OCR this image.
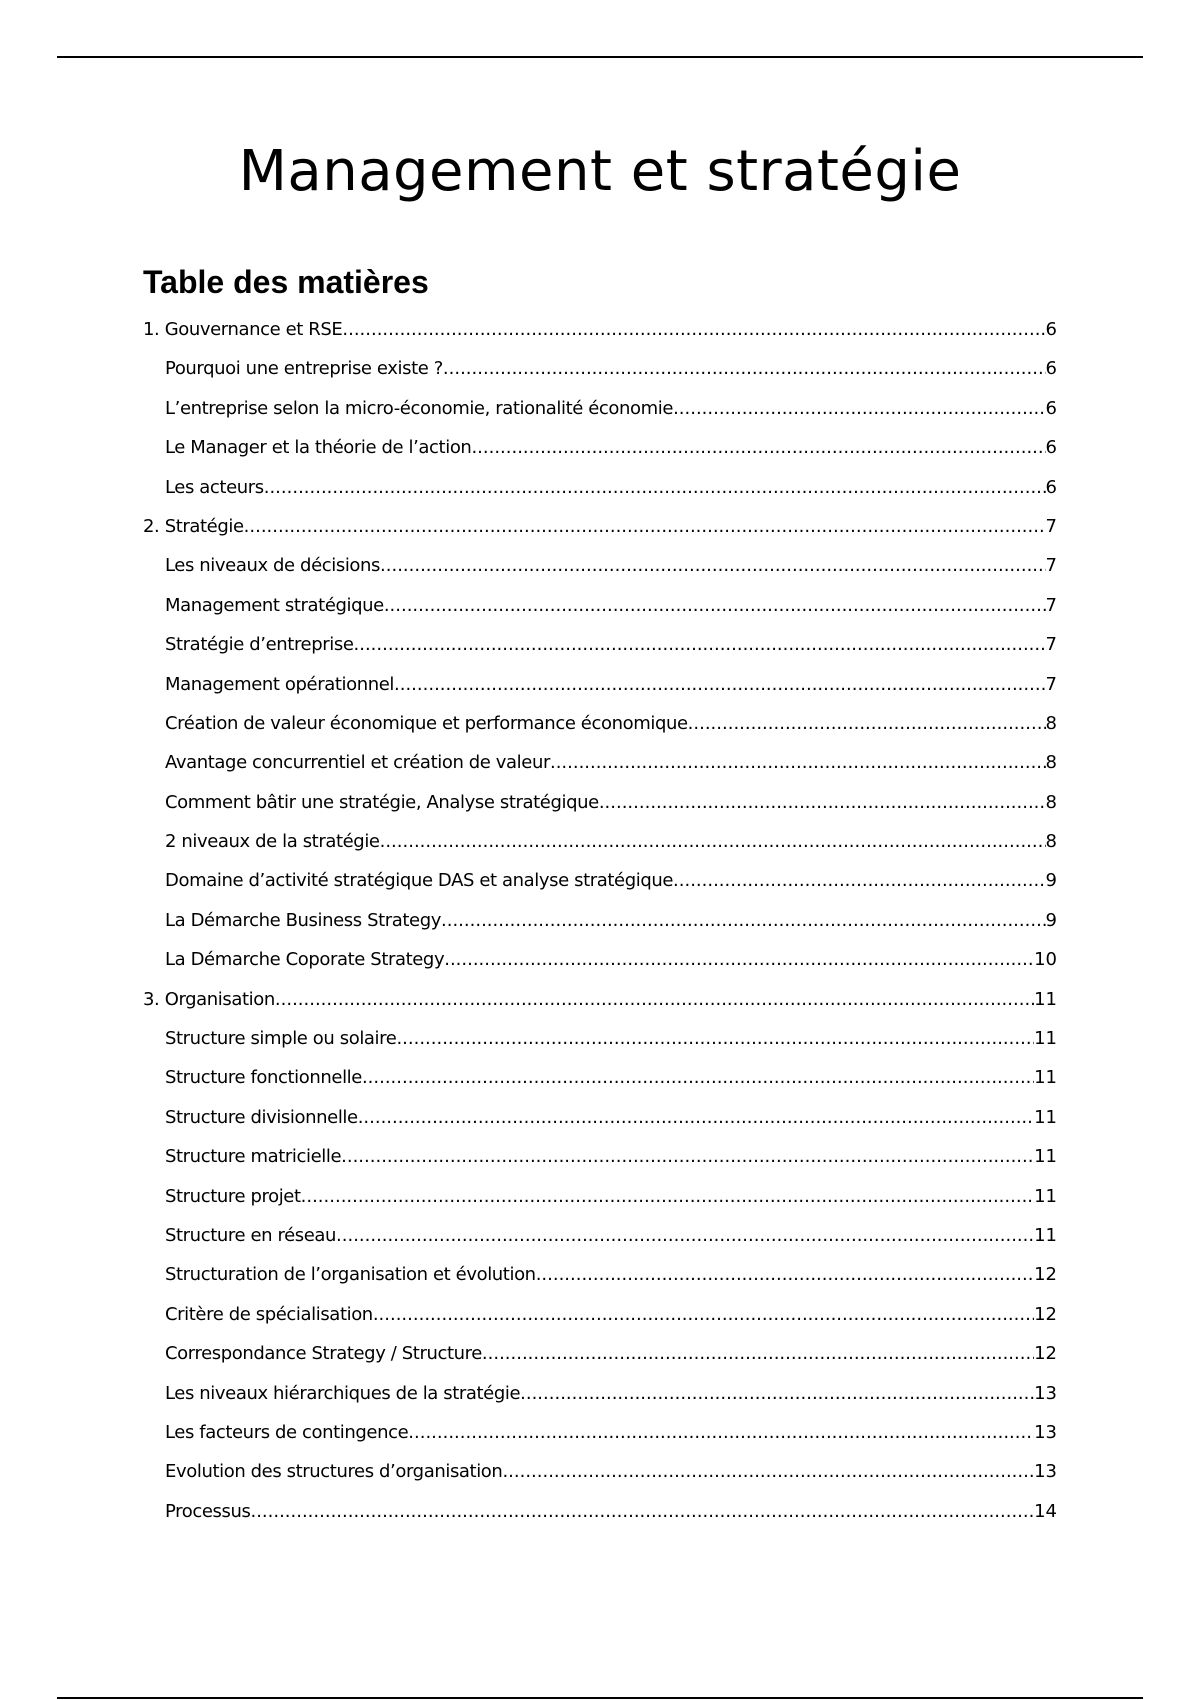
Management et stratégie
Table des matières
1. Gouvernance et RSE .....	6
Pourquoi une entreprise existe ? .....	6
L’entreprise selon la micro-économie, rationalité économie .....	6
Le Manager et la théorie de l’action .....	6
Les acteurs .....	6
2. Stratégie .....	7
Les niveaux de décisions .....	7
Management stratégique .....	7
Stratégie d’entreprise .....	7
Management opérationnel .....	7
Création de valeur économique et performance économique .....	8
Avantage concurrentiel et création de valeur .....	8
Comment bâtir une stratégie, Analyse stratégique .....	8
2 niveaux de la stratégie .....	8
Domaine d’activité stratégique DAS et analyse stratégique .....	9
La Démarche Business Strategy .....	9
La Démarche Coporate Strategy .....	10
3. Organisation .....	11
Structure simple ou solaire .....	11
Structure fonctionnelle .....	11
Structure divisionnelle .....	11
Structure matricielle .....	11
Structure projet .....	11
Structure en réseau .....	11
Structuration de l’organisation et évolution .....	12
Critère de spécialisation .....	12
Correspondance Strategy / Structure .....	12
Les niveaux hiérarchiques de la stratégie .....	13
Les facteurs de contingence .....	13
Evolution des structures d’organisation .....	13
Processus .....	14
